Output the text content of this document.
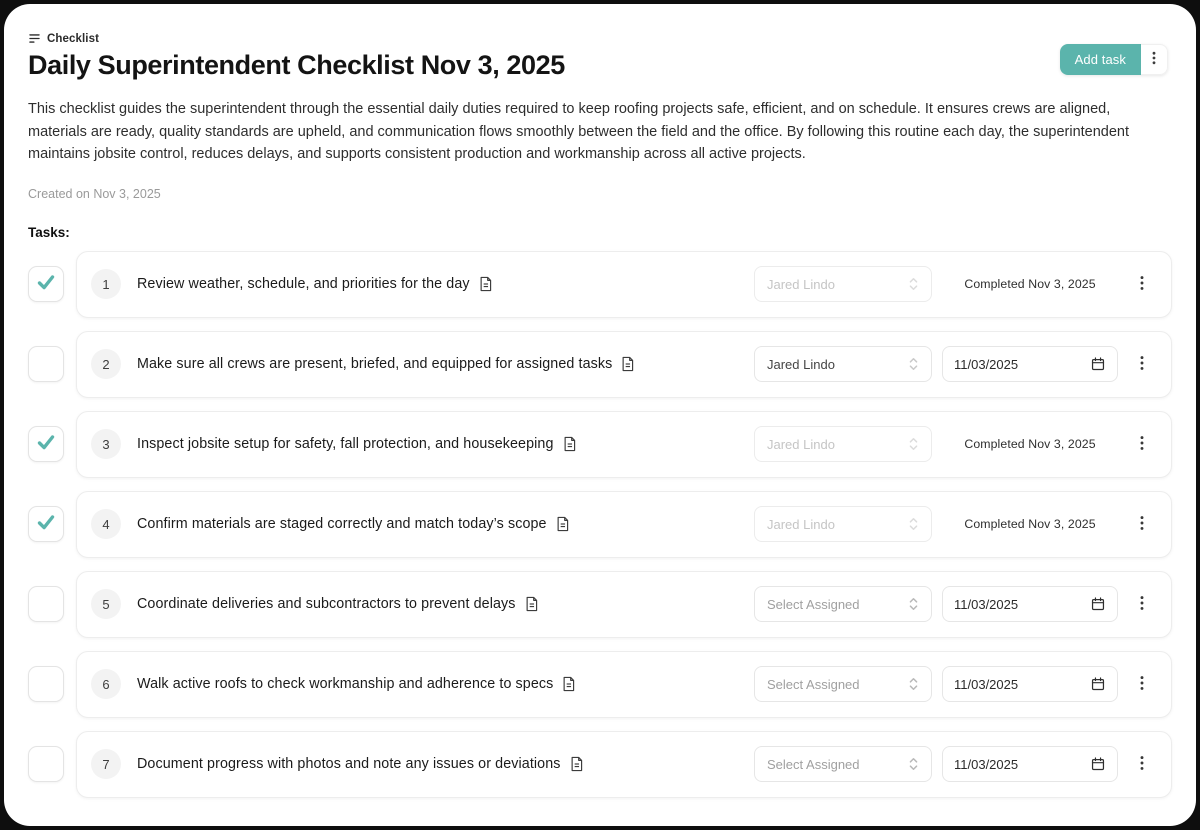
Checklist
Daily Superintendent Checklist Nov 3, 2025	Add task

This checklist guides the superintendent through the essential daily duties required to keep roofing projects safe, efficient, and on schedule. It ensures crews are aligned, materials are ready, quality standards are upheld, and communication flows smoothly between the field and the office. By following this routine each day, the superintendent maintains jobsite control, reduces delays, and supports consistent production and workmanship across all active projects.

Created on Nov 3, 2025
Tasks:
1	Review weather, schedule, and priorities for the day	Jared Lindo	Completed Nov 3, 2025
2	Make sure all crews are present, briefed, and equipped for assigned tasks	Jared Lindo	11/03/2025
3	Inspect jobsite setup for safety, fall protection, and housekeeping	Jared Lindo	Completed Nov 3, 2025
4	Confirm materials are staged correctly and match today’s scope	Jared Lindo	Completed Nov 3, 2025
5	Coordinate deliveries and subcontractors to prevent delays	Select Assigned	11/03/2025
6	Walk active roofs to check workmanship and adherence to specs	Select Assigned	11/03/2025
7	Document progress with photos and note any issues or deviations	Select Assigned	11/03/2025
